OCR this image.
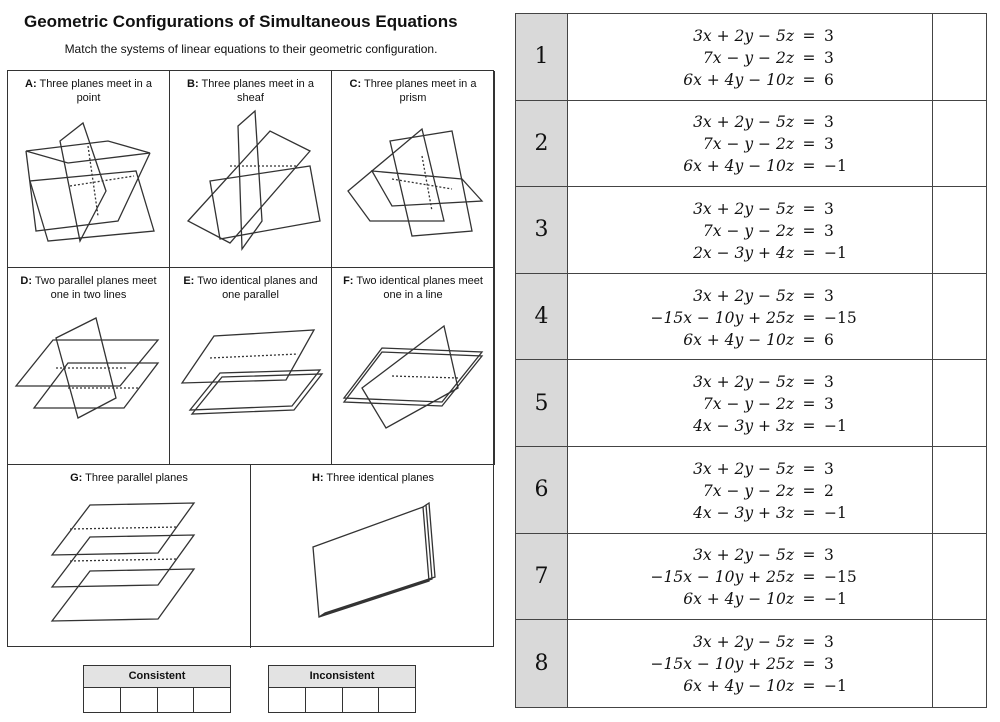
Geometric Configurations of Simultaneous Equations
Match the systems of linear equations to their geometric configuration.
A: Three planes meet in a point
B: Three planes meet in a sheaf
C: Three planes meet in a prism
D: Two parallel planes meet one in two lines
E: Two identical planes and one parallel
F: Two identical planes meet one in a line
G: Three parallel planes	H: Three identical planes
Consistent	Inconsistent
1
3x + 2y − 5z = 3
7x − y − 2z = 3
6x + 4y − 10z = 6
2
3x + 2y − 5z = 3
7x − y − 2z = 3
6x + 4y − 10z = −1
3
3x + 2y − 5z = 3
7x − y − 2z = 3
2x − 3y + 4z = −1
4
3x + 2y − 5z = 3
−15x − 10y + 25z = −15
6x + 4y − 10z = 6
5
3x + 2y − 5z = 3
7x − y − 2z = 3
4x − 3y + 3z = −1
6
3x + 2y − 5z = 3
7x − y − 2z = 2
4x − 3y + 3z = −1
7
3x + 2y − 5z = 3
−15x − 10y + 25z = −15
6x + 4y − 10z = −1
8
3x + 2y − 5z = 3
−15x − 10y + 25z = 3
6x + 4y − 10z = −1
